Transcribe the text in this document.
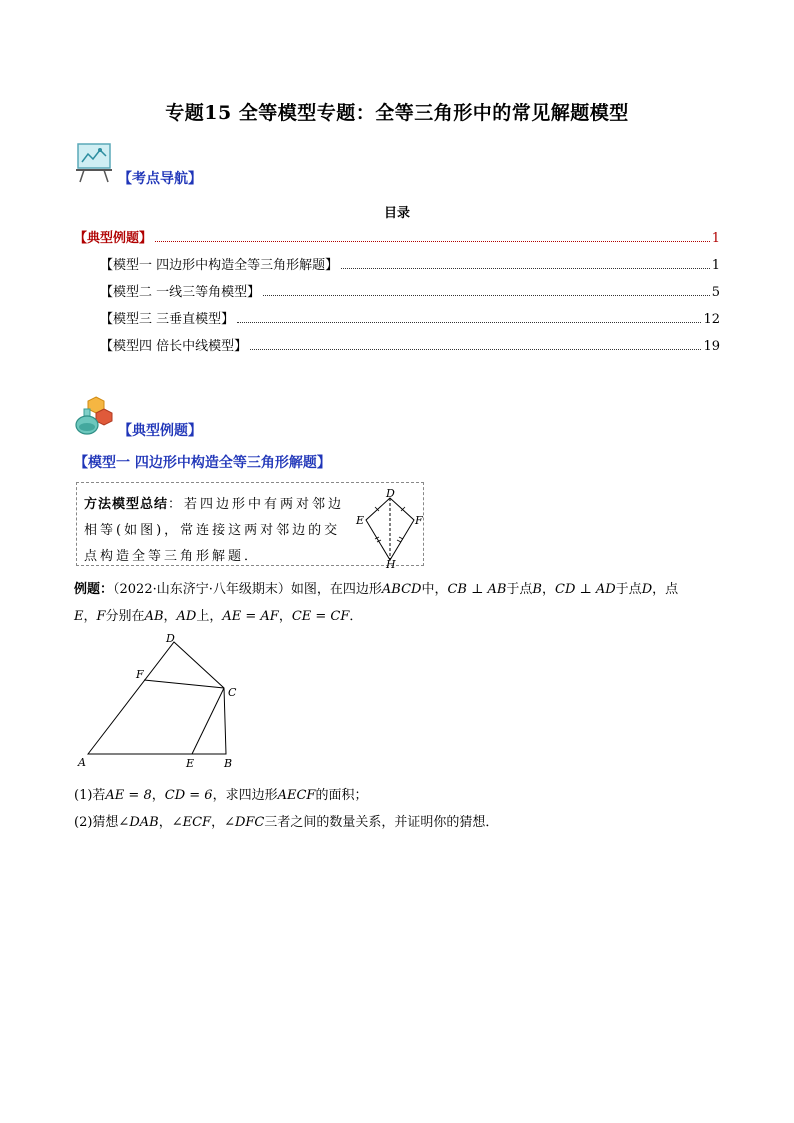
专题15 全等模型专题：全等三角形中的常见解题模型
【考点导航】
目录
【典型例题】	1
【模型一 四边形中构造全等三角形解题】	1
【模型二 一线三等角模型】	5
【模型三 三垂直模型】	12
【模型四 倍长中线模型】	19
【典型例题】
【模型一 四边形中构造全等三角形解题】
方法模型总结：若四边形中有两对邻边相等(如图)，常连接这两对邻边的交点构造全等三角形解题．
D
E	F
H
例题：（2022·山东济宁·八年级期末）如图，在四边形ABCD中，CB ⊥ AB于点B，CD ⊥ AD于点D，点
E，F分别在AB，AD上，AE = AF，CE = CF．
A	B
C
D
E
F
(1)若AE = 8，CD = 6，求四边形AECF的面积；
(2)猜想∠DAB，∠ECF，∠DFC三者之间的数量关系，并证明你的猜想．
